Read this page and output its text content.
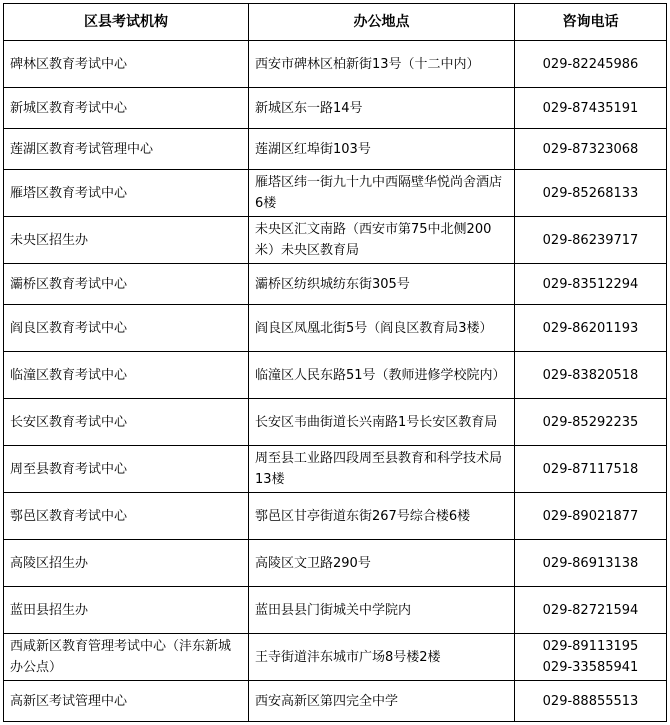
区县考试机构	办公地点	咨询电话
碑林区教育考试中心	西安市碑林区柏新街13号（十二中内）	029-82245986

新城区教育考试中心	新城区东一路14号	029-87435191

莲湖区教育考试管理中心	莲湖区红埠街103号	029-87323068

雁塔区教育考试中心	雁塔区纬一街九十九中西隔壁华悦尚舍酒店6楼	029-85268133

未央区招生办	未央区汇文南路（西安市第75中北侧200米）未央区教育局	029-86239717

灞桥区教育考试中心	灞桥区纺织城纺东街305号	029-83512294

阎良区教育考试中心	阎良区凤凰北街5号（阎良区教育局3楼）	029-86201193

临潼区教育考试中心	临潼区人民东路51号（教师进修学校院内）	029-83820518

长安区教育考试中心	长安区韦曲街道长兴南路1号长安区教育局	029-85292235

周至县教育考试中心	周至县工业路四段周至县教育和科学技术局13楼	029-87117518

鄠邑区教育考试中心	鄠邑区甘亭街道东街267号综合楼6楼	029-89021877

高陵区招生办	高陵区文卫路290号	029-86913138

蓝田县招生办	蓝田县县门街城关中学院内	029-82721594

西咸新区教育管理考试中心（沣东新城办公点）	王寺街道沣东城市广场8号楼2楼	029-89113195
029-33585941

高新区考试管理中心	西安高新区第四完全中学	029-88855513
